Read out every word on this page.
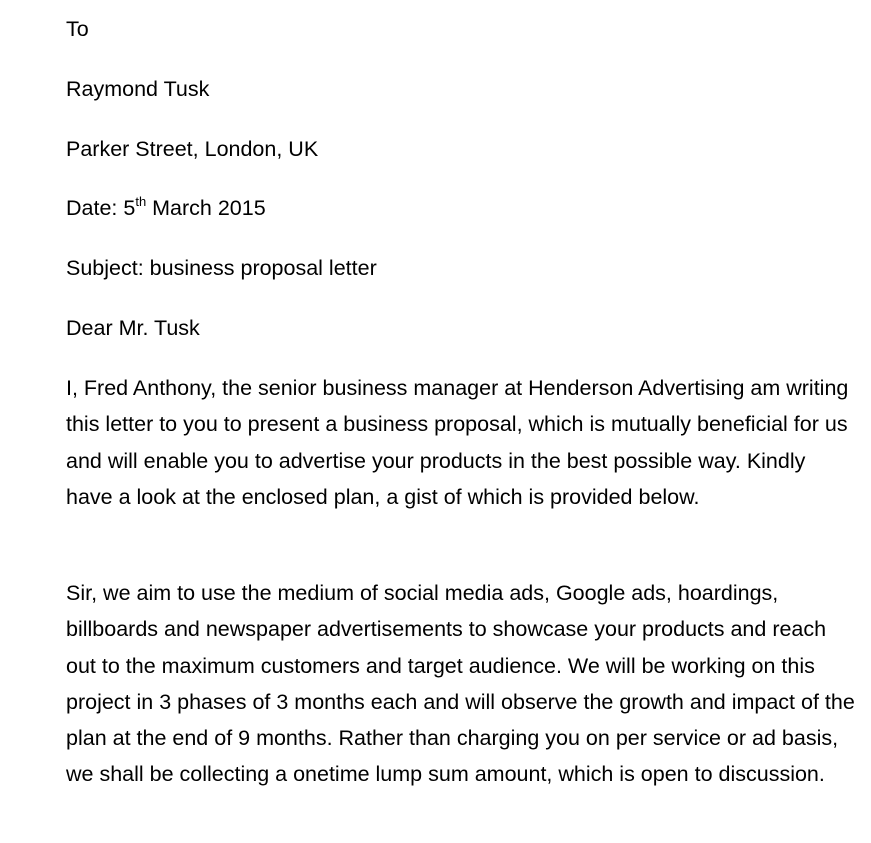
To
Raymond Tusk
Parker Street, London, UK
Date: 5th March 2015
Subject: business proposal letter
Dear Mr. Tusk
I, Fred Anthony, the senior business manager at Henderson Advertising am writing this letter to you to present a business proposal, which is mutually beneficial for us and will enable you to advertise your products in the best possible way. Kindly have a look at the enclosed plan, a gist of which is provided below.
Sir, we aim to use the medium of social media ads, Google ads, hoardings, billboards and newspaper advertisements to showcase your products and reach out to the maximum customers and target audience. We will be working on this project in 3 phases of 3 months each and will observe the growth and impact of the plan at the end of 9 months. Rather than charging you on per service or ad basis, we shall be collecting a onetime lump sum amount, which is open to discussion.
